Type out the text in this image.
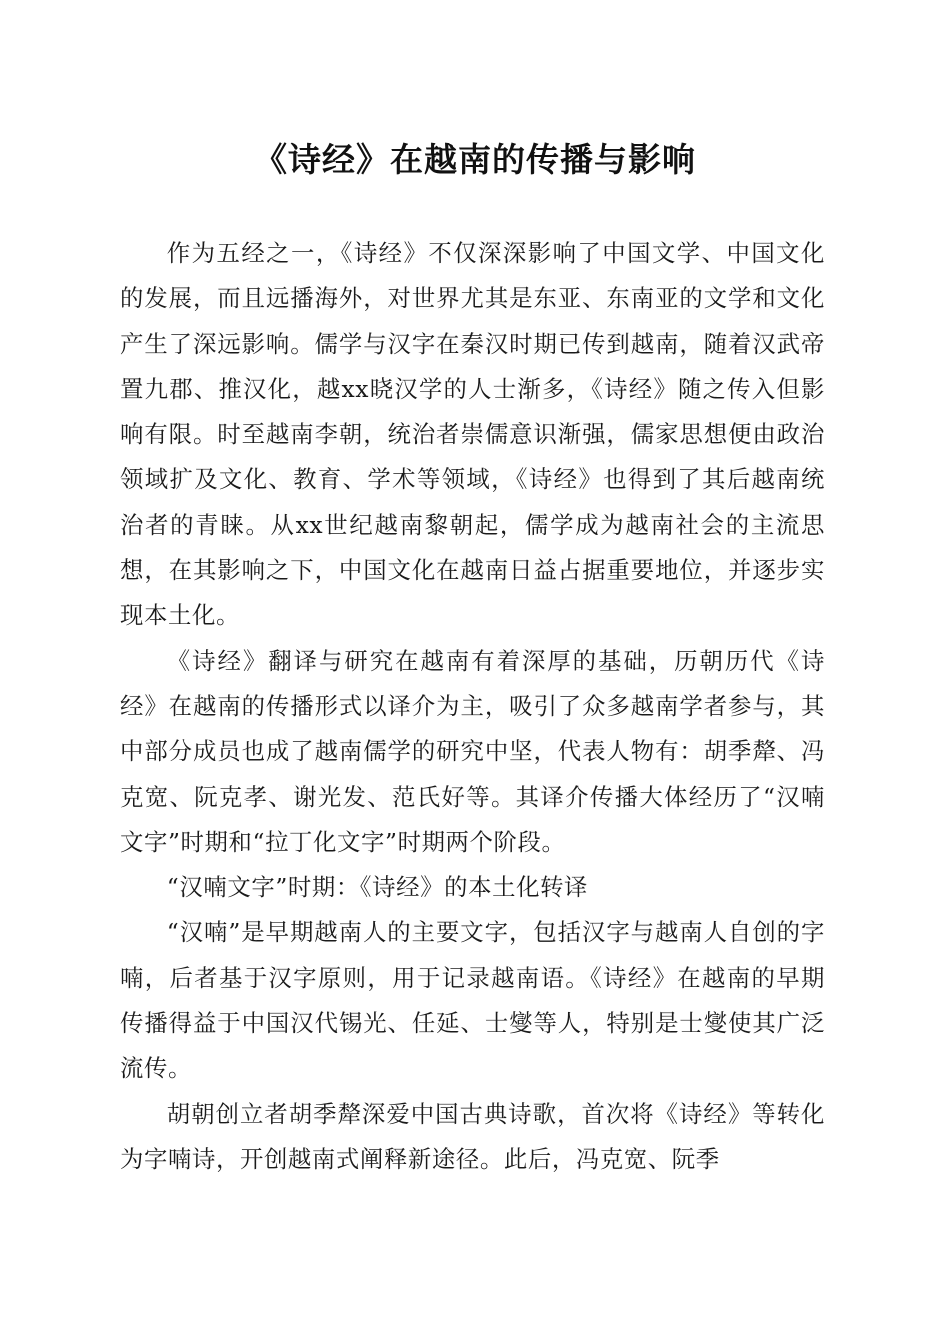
《诗经》在越南的传播与影响

作为五经之一，《诗经》不仅深深影响了中国文学、中国文化的发展，而且远播海外，对世界尤其是东亚、东南亚的文学和文化产生了深远影响。儒学与汉字在秦汉时期已传到越南，随着汉武帝置九郡、推汉化，越xx晓汉学的人士渐多，《诗经》随之传入但影响有限。时至越南李朝，统治者崇儒意识渐强，儒家思想便由政治领域扩及文化、教育、学术等领域，《诗经》也得到了其后越南统治者的青睐。从xx世纪越南黎朝起，儒学成为越南社会的主流思想，在其影响之下，中国文化在越南日益占据重要地位，并逐步实现本土化。

《诗经》翻译与研究在越南有着深厚的基础，历朝历代《诗经》在越南的传播形式以译介为主，吸引了众多越南学者参与，其中部分成员也成了越南儒学的研究中坚，代表人物有：胡季犛、冯克宽、阮克孝、谢光发、范氏好等。其译介传播大体经历了“汉喃文字”时期和“拉丁化文字”时期两个阶段。

“汉喃文字”时期：《诗经》的本土化转译

“汉喃”是早期越南人的主要文字，包括汉字与越南人自创的字喃，后者基于汉字原则，用于记录越南语。《诗经》在越南的早期传播得益于中国汉代锡光、任延、士燮等人，特别是士燮使其广泛流传。

胡朝创立者胡季犛深爱中国古典诗歌，首次将《诗经》等转化为字喃诗，开创越南式阐释新途径。此后，冯克宽、阮季
